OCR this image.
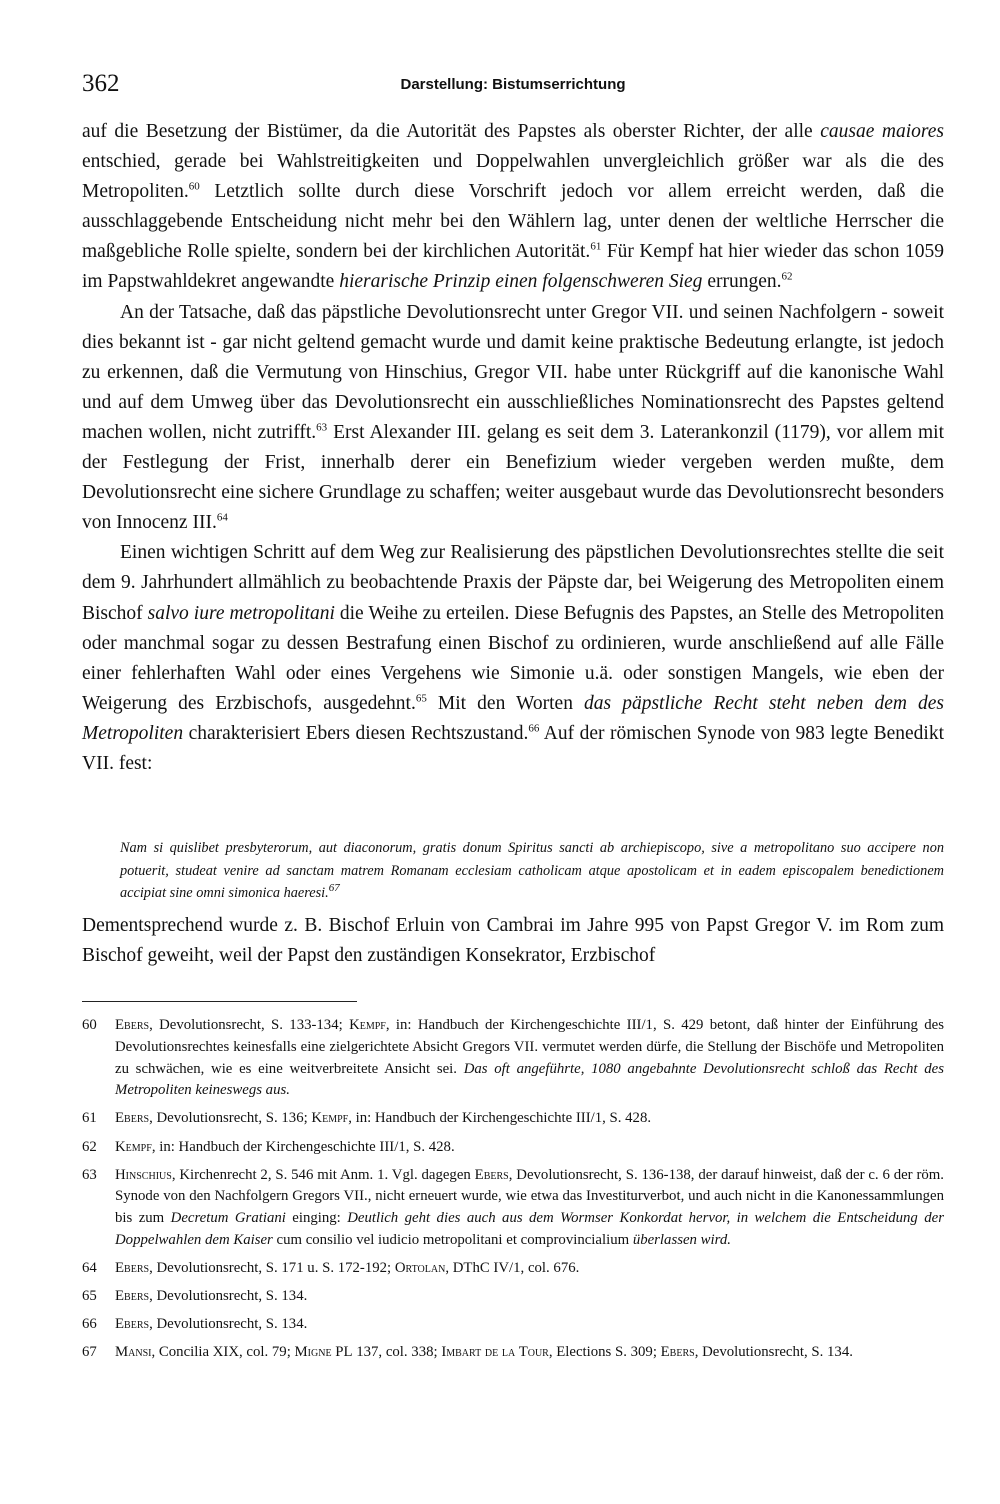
362	Darstellung: Bistumserrichtung

auf die Besetzung der Bistümer, da die Autorität des Papstes als oberster Richter, der alle causae maiores entschied, gerade bei Wahlstreitigkeiten und Doppelwahlen unvergleichlich größer war als die des Metropoliten.$^{60}$ Letztlich sollte durch diese Vorschrift jedoch vor allem erreicht werden, daß die ausschlaggebende Entscheidung nicht mehr bei den Wählern lag, unter denen der weltliche Herrscher die maßgebliche Rolle spielte, sondern bei der kirchlichen Autorität.$^{61}$ Für Kempf hat hier wieder das schon 1059 im Papstwahldekret angewandte hierarische Prinzip einen folgenschweren Sieg errungen.$^{62}$

An der Tatsache, daß das päpstliche Devolutionsrecht unter Gregor VII. und seinen Nachfolgern - soweit dies bekannt ist - gar nicht geltend gemacht wurde und damit keine praktische Bedeutung erlangte, ist jedoch zu erkennen, daß die Vermutung von Hinschius, Gregor VII. habe unter Rückgriff auf die kanonische Wahl und auf dem Umweg über das Devolutionsrecht ein ausschließliches Nominationsrecht des Papstes geltend machen wollen, nicht zutrifft.$^{63}$ Erst Alexander III. gelang es seit dem 3. Laterankonzil (1179), vor allem mit der Festlegung der Frist, innerhalb derer ein Benefizium wieder vergeben werden mußte, dem Devolutionsrecht eine sichere Grundlage zu schaffen; weiter ausgebaut wurde das Devolutionsrecht besonders von Innocenz III.$^{64}$

Einen wichtigen Schritt auf dem Weg zur Realisierung des päpstlichen Devolutionsrechtes stellte die seit dem 9. Jahrhundert allmählich zu beobachtende Praxis der Päpste dar, bei Weigerung des Metropoliten einem Bischof salvo iure metropolitani die Weihe zu erteilen. Diese Befugnis des Papstes, an Stelle des Metropoliten oder manchmal sogar zu dessen Bestrafung einen Bischof zu ordinieren, wurde anschließend auf alle Fälle einer fehlerhaften Wahl oder eines Vergehens wie Simonie u.ä. oder sonstigen Mangels, wie eben der Weigerung des Erzbischofs, ausgedehnt.$^{65}$ Mit den Worten das päpstliche Recht steht neben dem des Metropoliten charakterisiert Ebers diesen Rechtszustand.$^{66}$ Auf der römischen Synode von 983 legte Benedikt VII. fest:

Nam si quislibet presbyterorum, aut diaconorum, gratis donum Spiritus sancti ab archiepiscopo, sive a metropolitano suo accipere non potuerit, studeat venire ad sanctam matrem Romanam ecclesiam catholicam atque apostolicam et in eadem episcopalem benedictionem accipiat sine omni simonica haeresi.$^{67}$

Dementsprechend wurde z. B. Bischof Erluin von Cambrai im Jahre 995 von Papst Gregor V. im Rom zum Bischof geweiht, weil der Papst den zuständigen Konsekrator, Erzbischof

60 Ebers, Devolutionsrecht, S. 133-134; Kempf, in: Handbuch der Kirchengeschichte III/1, S. 429 betont, daß hinter der Einführung des Devolutionsrechtes keinesfalls eine zielgerichtete Absicht Gregors VII. vermutet werden dürfe, die Stellung der Bischöfe und Metropoliten zu schwächen, wie es eine weitverbreitete Ansicht sei. Das oft angeführte, 1080 angebahnte Devolutionsrecht schloß das Recht des Metropoliten keineswegs aus.
61 Ebers, Devolutionsrecht, S. 136; Kempf, in: Handbuch der Kirchengeschichte III/1, S. 428.
62 Kempf, in: Handbuch der Kirchengeschichte III/1, S. 428.
63 Hinschius, Kirchenrecht 2, S. 546 mit Anm. 1. Vgl. dagegen Ebers, Devolutionsrecht, S. 136-138, der darauf hinweist, daß der c. 6 der röm. Synode von den Nachfolgern Gregors VII., nicht erneuert wurde, wie etwa das Investiturverbot, und auch nicht in die Kanonessammlungen bis zum Decretum Gratiani einging: Deutlich geht dies auch aus dem Wormser Konkordat hervor, in welchem die Entscheidung der Doppelwahlen dem Kaiser cum consilio vel iudicio metropolitani et comprovincialium überlassen wird.
64 Ebers, Devolutionsrecht, S. 171 u. S. 172-192; Ortolan, DThC IV/1, col. 676.
65 Ebers, Devolutionsrecht, S. 134.
66 Ebers, Devolutionsrecht, S. 134.
67 Mansi, Concilia XIX, col. 79; Migne PL 137, col. 338; Imbart de la Tour, Elections S. 309; Ebers, Devolutionsrecht, S. 134.
